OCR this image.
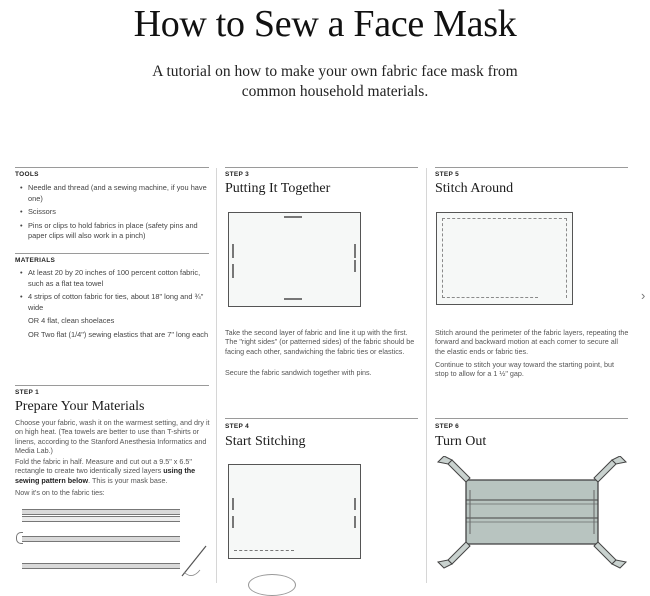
How to Sew a Face Mask
A tutorial on how to make your own fabric face mask from common household materials.
TOOLS
• Needle and thread (and a sewing machine, if you have one)
• Scissors
• Pins or clips to hold fabrics in place (safety pins and paper clips will also work in a pinch)
MATERIALS
• At least 20 by 20 inches of 100 percent cotton fabric, such as a flat tea towel
• 4 strips of cotton fabric for ties, about 18" long and ¾" wide
OR 4 flat, clean shoelaces
OR Two flat (1/4") sewing elastics that are 7" long each
STEP 1
Prepare Your Materials

Choose your fabric, wash it on the warmest setting, and dry it on high heat. (Tea towels are better to use than T-shirts or linens, according to the Stanford Anesthesia Informatics and Media Lab.)

Fold the fabric in half. Measure and cut out a 9.5" x 6.5" rectangle to create two identically sized layers using the sewing pattern below. This is your mask base.

Now it's on to the fabric ties:

STEP 3
Putting It Together

Take the second layer of fabric and line it up with the first. The "right sides" (or patterned sides) of the fabric should be facing each other, sandwiching the fabric ties or elastics.

Secure the fabric sandwich together with pins.

STEP 4
Start Stitching
STEP 5
Stitch Around

Stitch around the perimeter of the fabric layers, repeating the forward and backward motion at each corner to secure all the elastic ends or fabric ties.

Continue to stitch your way toward the starting point, but stop to allow for a 1 ½" gap.

STEP 6
Turn Out
›
